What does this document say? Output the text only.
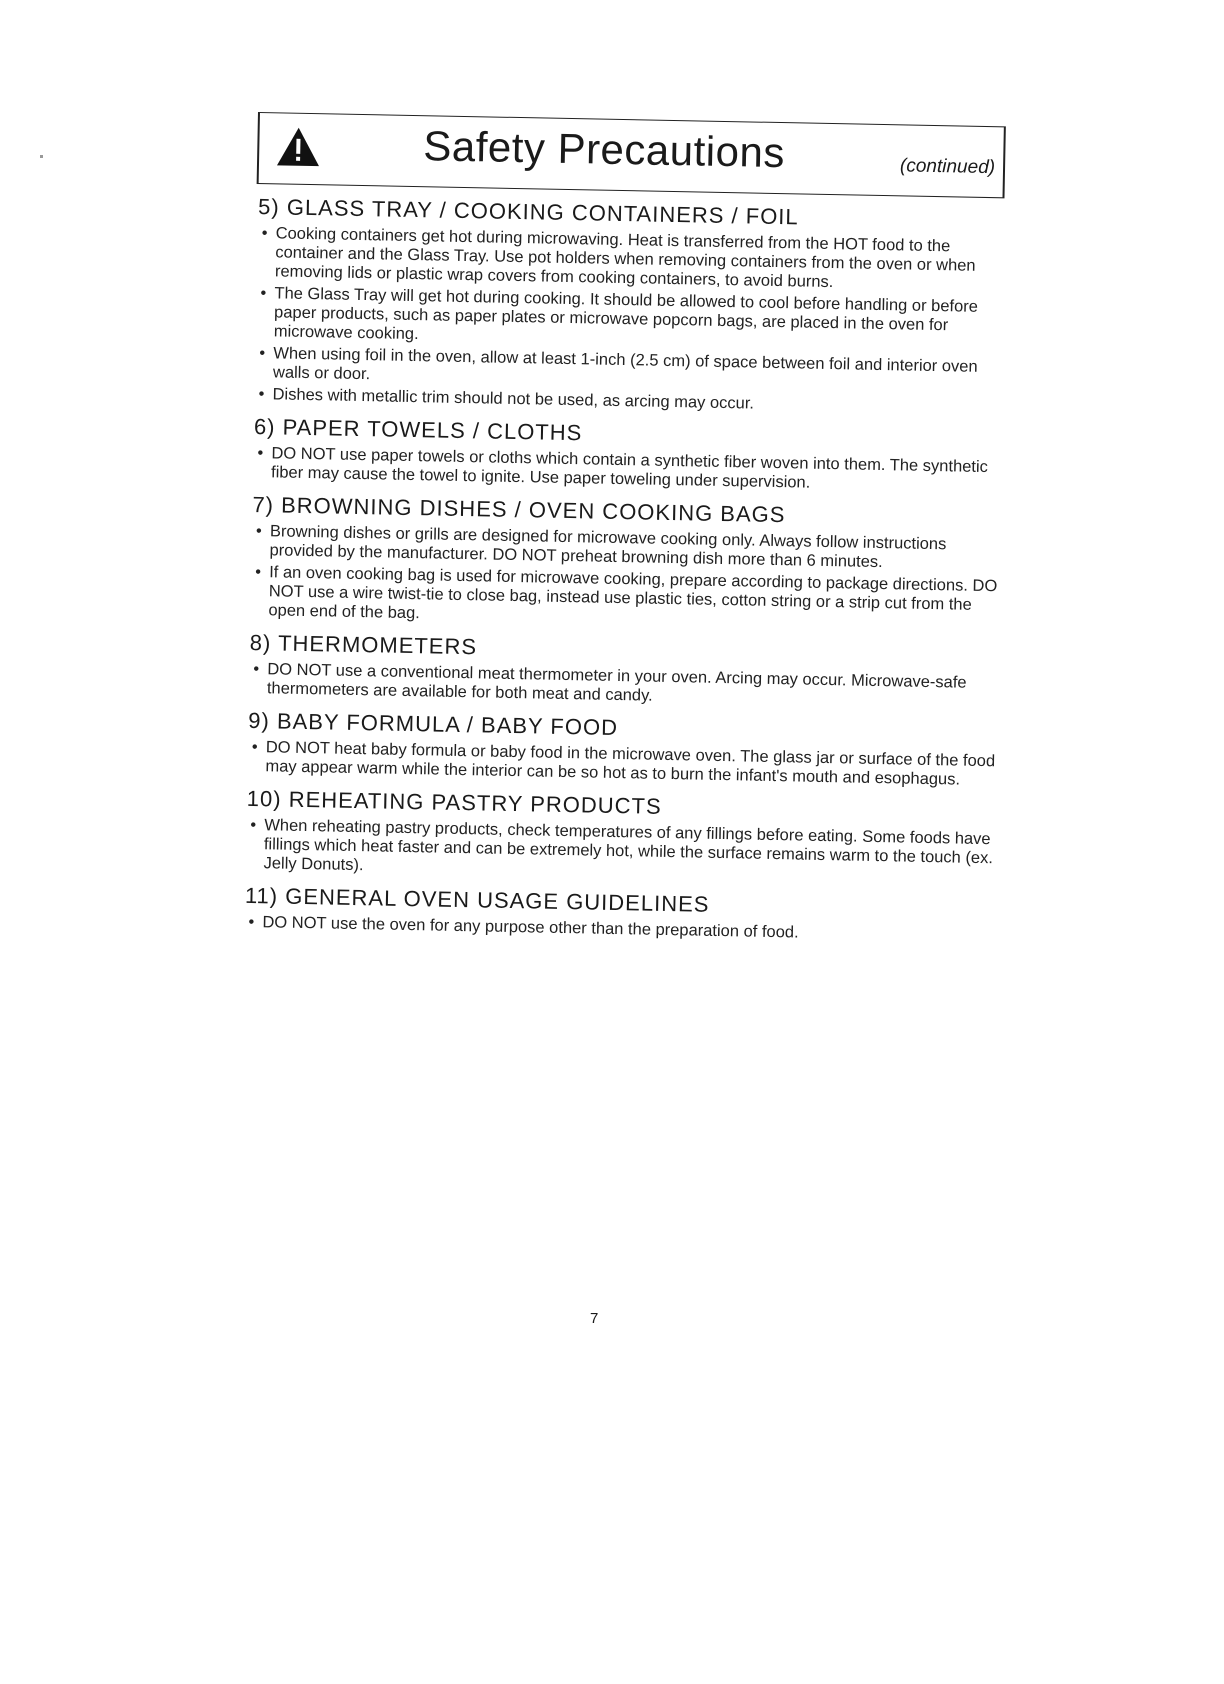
Safety Precautions	(continued)
5) GLASS TRAY / COOKING CONTAINERS / FOIL
• Cooking containers get hot during microwaving. Heat is transferred from the HOT food to the container and the Glass Tray. Use pot holders when removing containers from the oven or when removing lids or plastic wrap covers from cooking containers, to avoid burns.
• The Glass Tray will get hot during cooking. It should be allowed to cool before handling or before paper products, such as paper plates or microwave popcorn bags, are placed in the oven for microwave cooking.
• When using foil in the oven, allow at least 1-inch (2.5 cm) of space between foil and interior oven walls or door.
• Dishes with metallic trim should not be used, as arcing may occur.
6) PAPER TOWELS / CLOTHS
• DO NOT use paper towels or cloths which contain a synthetic fiber woven into them. The synthetic fiber may cause the towel to ignite. Use paper toweling under supervision.
7) BROWNING DISHES / OVEN COOKING BAGS
• Browning dishes or grills are designed for microwave cooking only. Always follow instructions provided by the manufacturer. DO NOT preheat browning dish more than 6 minutes.
• If an oven cooking bag is used for microwave cooking, prepare according to package directions. DO NOT use a wire twist-tie to close bag, instead use plastic ties, cotton string or a strip cut from the open end of the bag.
8) THERMOMETERS
• DO NOT use a conventional meat thermometer in your oven. Arcing may occur. Microwave-safe thermometers are available for both meat and candy.
9) BABY FORMULA / BABY FOOD
• DO NOT heat baby formula or baby food in the microwave oven. The glass jar or surface of the food may appear warm while the interior can be so hot as to burn the infant's mouth and esophagus.
10) REHEATING PASTRY PRODUCTS
• When reheating pastry products, check temperatures of any fillings before eating. Some foods have fillings which heat faster and can be extremely hot, while the surface remains warm to the touch (ex. Jelly Donuts).
11) GENERAL OVEN USAGE GUIDELINES
• DO NOT use the oven for any purpose other than the preparation of food.
7
